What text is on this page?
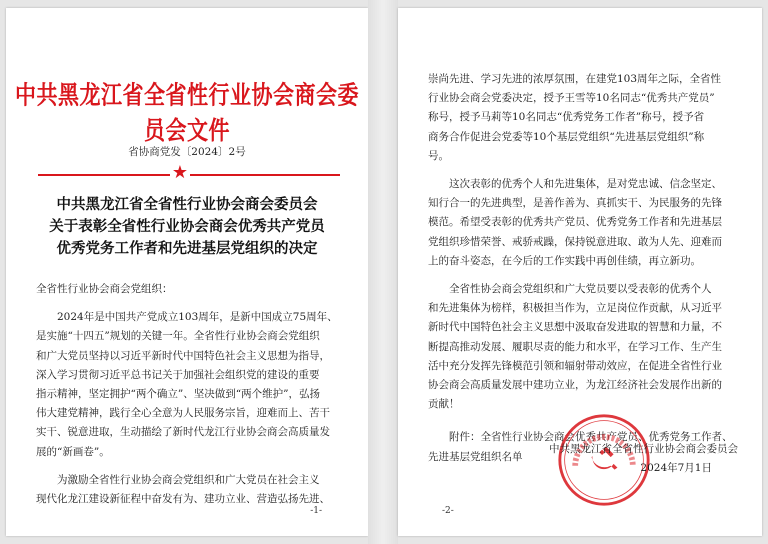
中共黑龙江省全省性行业协会商会委员会文件
省协商党发〔2024〕2号
★
中共黑龙江省全省性行业协会商会委员会
关于表彰全省性行业协会商会优秀共产党员
优秀党务工作者和先进基层党组织的决定

全省性行业协会商会党组织：

2024年是中国共产党成立103周年，是新中国成立75周年、

是实施“十四五”规划的关键一年。全省性行业协会商会党组织

和广大党员坚持以习近平新时代中国特色社会主义思想为指导，

深入学习贯彻习近平总书记关于加强社会组织党的建设的重要

指示精神，坚定拥护“两个确立”、坚决做到“两个维护”，弘扬

伟大建党精神，践行全心全意为人民服务宗旨，迎难而上、苦干

实干、锐意进取，生动描绘了新时代龙江行业协会商会高质量发

展的“新画卷”。

为激励全省性行业协会商会党组织和广大党员在社会主义

现代化龙江建设新征程中奋发有为、建功立业、营造弘扬先进、

-1-

崇尚先进、学习先进的浓厚氛围，在建党103周年之际，全省性

行业协会商会党委决定，授予王雪等10名同志“优秀共产党员”

称号，授予马莉等10名同志“优秀党务工作者”称号，授予省

商务合作促进会党委等10个基层党组织“先进基层党组织”称

号。

这次表彰的优秀个人和先进集体，是对党忠诚、信念坚定、

知行合一的先进典型，是善作善为、真抓实干、为民服务的先锋

模范。希望受表彰的优秀共产党员、优秀党务工作者和先进基层

党组织珍惜荣誉、戒骄戒躁，保持锐意进取、敢为人先、迎难而

上的奋斗姿态，在今后的工作实践中再创佳绩，再立新功。

全省性协会商会党组织和广大党员要以受表彰的优秀个人

和先进集体为榜样，积极担当作为，立足岗位作贡献，从习近平

新时代中国特色社会主义思想中汲取奋发进取的智慧和力量，不

断提高推动发展、履职尽责的能力和水平，在学习工作、生产生

活中充分发挥先锋模范引领和辐射带动效应，在促进全省性行业

协会商会高质量发展中建功立业，为龙江经济社会发展作出新的

贡献！

附件：全省性行业协会商会优秀共产党员、优秀党务工作者、

先进基层党组织名单

中共黑龙江省全省性行业协会商会委员会
2024年7月1日
-2-
